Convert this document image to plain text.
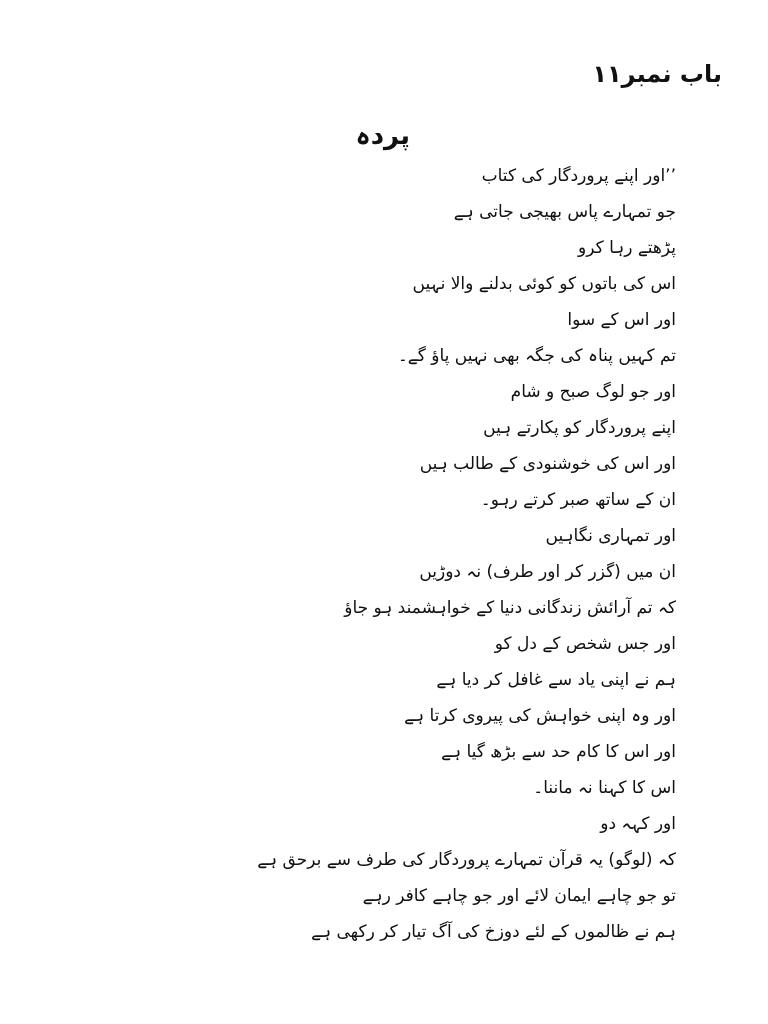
باب نمبر١١
پردہ
’’اور اپنے پروردگار کی کتاب
جو تمہارے پاس بھیجی جاتی ہے
پڑھتے رہا کرو
اس کی باتوں کو کوئی بدلنے والا نہیں
اور اس کے سوا
تم کہیں پناہ کی جگہ بھی نہیں پاؤ گے۔
اور جو لوگ صبح و شام
اپنے پروردگار کو پکارتے ہیں
اور اس کی خوشنودی کے طالب ہیں
ان کے ساتھ صبر کرتے رہو۔
اور تمہاری نگاہیں
ان میں (گزر کر اور طرف) نہ دوڑیں
کہ تم آرائش زندگانی دنیا کے خواہشمند ہو جاؤ
اور جس شخص کے دل کو
ہم نے اپنی یاد سے غافل کر دیا ہے
اور وہ اپنی خواہش کی پیروی کرتا ہے
اور اس کا کام حد سے بڑھ گیا ہے
اس کا کہنا نہ ماننا۔
اور کہہ دو
کہ (لوگو) یہ قرآن تمہارے پروردگار کی طرف سے برحق ہے
تو جو چاہے ایمان لائے اور جو چاہے کافر رہے
ہم نے ظالموں کے لئے دوزخ کی آگ تیار کر رکھی ہے
